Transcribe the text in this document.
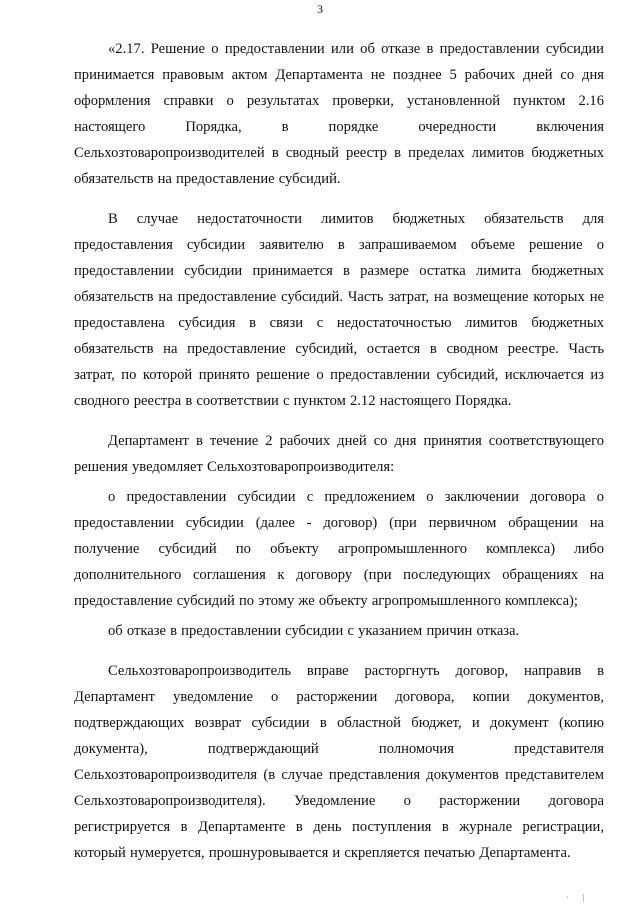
3

«2.17. Решение о предоставлении или об отказе в предоставлении субсидии принимается правовым актом Департамента не позднее 5 рабочих дней со дня оформления справки о результатах проверки, установленной пунктом 2.16 настоящего Порядка, в порядке очередности включения Сельхозтоваропроизводителей в сводный реестр в пределах лимитов бюджетных обязательств на предоставление субсидий.

В случае недостаточности лимитов бюджетных обязательств для предоставления субсидии заявителю в запрашиваемом объеме решение о предоставлении субсидии принимается в размере остатка лимита бюджетных обязательств на предоставление субсидий. Часть затрат, на возмещение которых не предоставлена субсидия в связи с недостаточностью лимитов бюджетных обязательств на предоставление субсидий, остается в сводном реестре. Часть затрат, по которой принято решение о предоставлении субсидий, исключается из сводного реестра в соответствии с пунктом 2.12 настоящего Порядка.

Департамент в течение 2 рабочих дней со дня принятия соответствующего решения уведомляет Сельхозтоваропроизводителя:

о предоставлении субсидии с предложением о заключении договора о предоставлении субсидии (далее - договор) (при первичном обращении на получение субсидий по объекту агропромышленного комплекса) либо дополнительного соглашения к договору (при последующих обращениях на предоставление субсидий по этому же объекту агропромышленного комплекса);

об отказе в предоставлении субсидии с указанием причин отказа.

Сельхозтоваропроизводитель вправе расторгнуть договор, направив в Департамент уведомление о расторжении договора, копии документов, подтверждающих возврат субсидии в областной бюджет, и документ (копию документа), подтверждающий полномочия представителя Сельхозтоваропроизводителя (в случае представления документов представителем Сельхозтоваропроизводителя). Уведомление о расторжении договора регистрируется в Департаменте в день поступления в журнале регистрации, который нумеруется, прошнуровывается и скрепляется печатью Департамента.

·|
